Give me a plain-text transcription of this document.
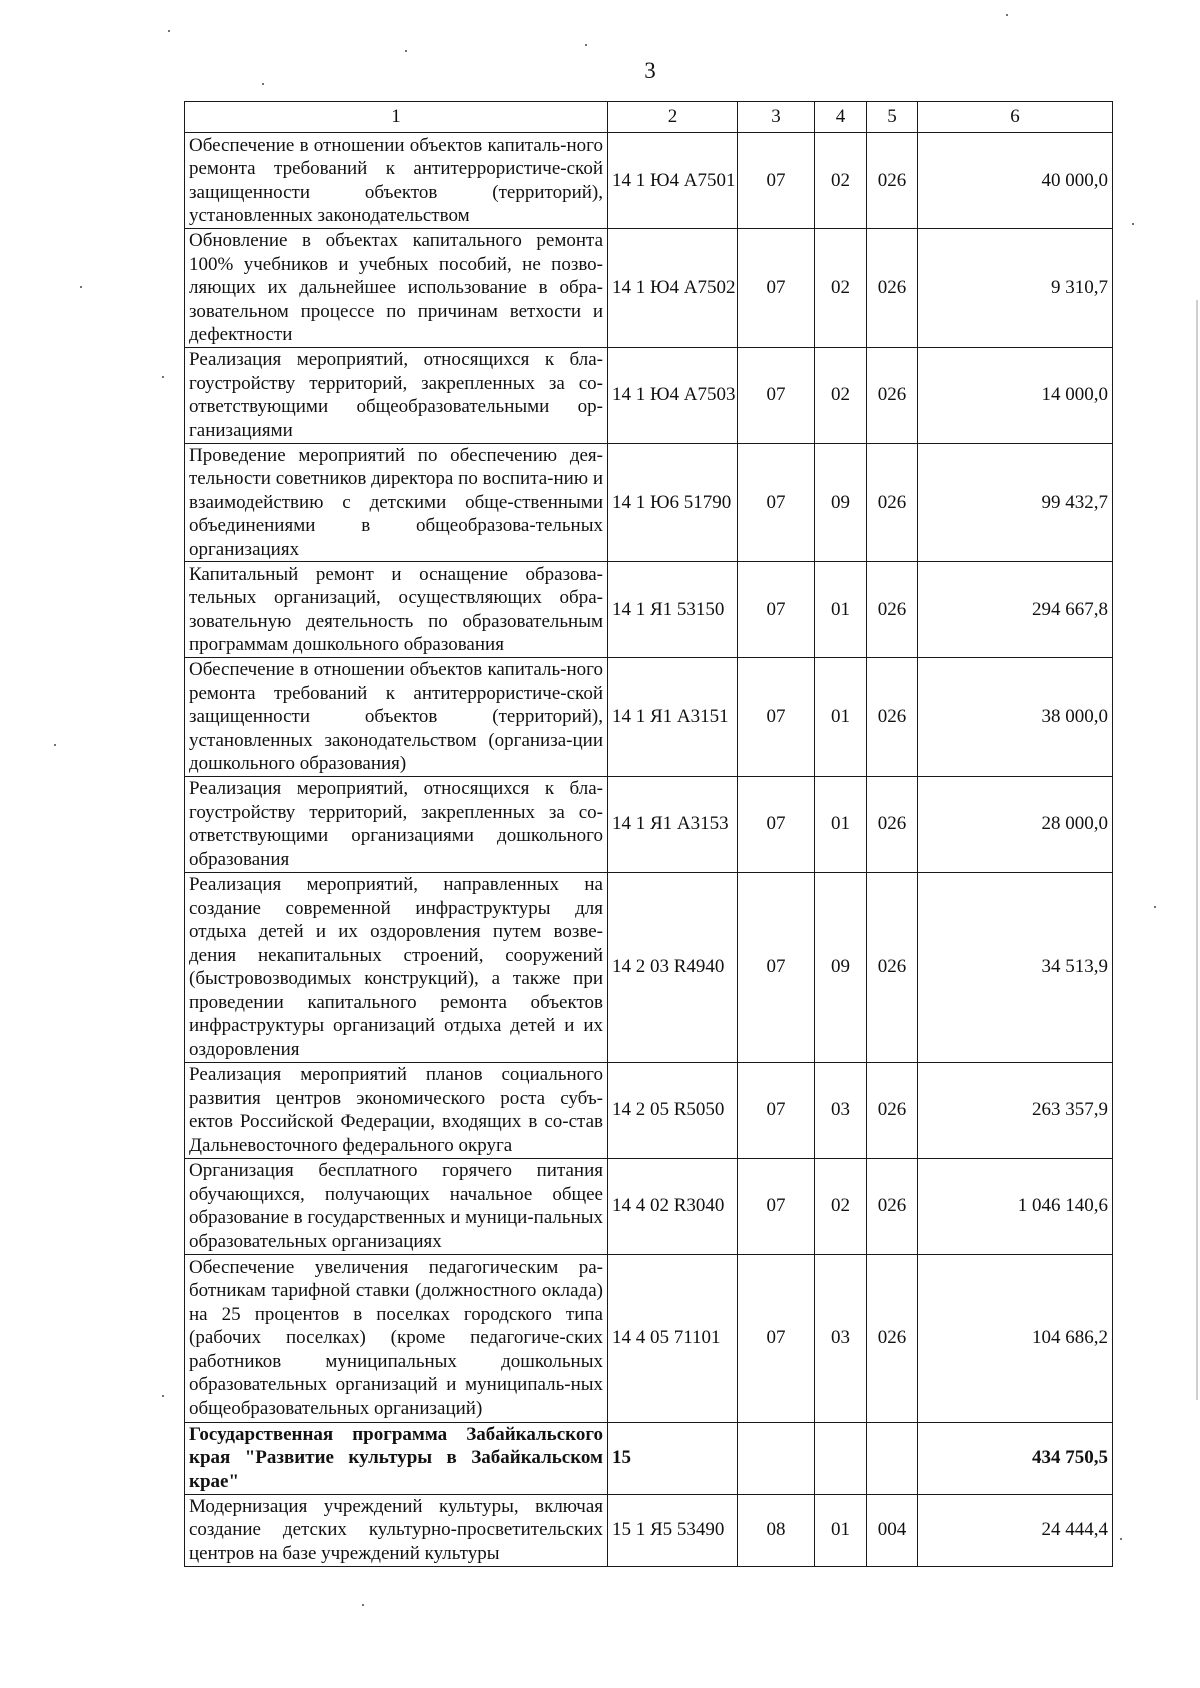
3
1	2	3	4	5	6
Обеспечение в отношении объектов капиталь-ного ремонта требований к антитеррористиче-ской защищенности объектов (территорий), установленных законодательством	14 1 Ю4 А7501	07	02	026	40 000,0
Обновление в объектах капитального ремонта 100% учебников и учебных пособий, не позво-ляющих их дальнейшее использование в обра-зовательном процессе по причинам ветхости и дефектности	14 1 Ю4 А7502	07	02	026	9 310,7
Реализация мероприятий, относящихся к бла-гоустройству территорий, закрепленных за со-ответствующими общеобразовательными ор-ганизациями	14 1 Ю4 А7503	07	02	026	14 000,0
Проведение мероприятий по обеспечению дея-тельности советников директора по воспита-нию и взаимодействию с детскими обще-ственными объединениями в общеобразова-тельных организациях	14 1 Ю6 51790	07	09	026	99 432,7
Капитальный ремонт и оснащение образова-тельных организаций, осуществляющих обра-зовательную деятельность по образовательным программам дошкольного образования	14 1 Я1 53150	07	01	026	294 667,8
Обеспечение в отношении объектов капиталь-ного ремонта требований к антитеррористиче-ской защищенности объектов (территорий), установленных законодательством (организа-ции дошкольного образования)	14 1 Я1 А3151	07	01	026	38 000,0
Реализация мероприятий, относящихся к бла-гоустройству территорий, закрепленных за со-ответствующими организациями дошкольного образования	14 1 Я1 А3153	07	01	026	28 000,0
Реализация мероприятий, направленных на создание современной инфраструктуры для отдыха детей и их оздоровления путем возве-дения некапитальных строений, сооружений (быстровозводимых конструкций), а также при проведении капитального ремонта объектов инфраструктуры организаций отдыха детей и их оздоровления	14 2 03 R4940	07	09	026	34 513,9
Реализация мероприятий планов социального развития центров экономического роста субъ-ектов Российской Федерации, входящих в со-став Дальневосточного федерального округа	14 2 05 R5050	07	03	026	263 357,9
Организация бесплатного горячего питания обучающихся, получающих начальное общее образование в государственных и муници-пальных образовательных организациях	14 4 02 R3040	07	02	026	1 046 140,6
Обеспечение увеличения педагогическим ра-ботникам тарифной ставки (должностного оклада) на 25 процентов в поселках городского типа (рабочих поселках) (кроме педагогиче-ских работников муниципальных дошкольных образовательных организаций и муниципаль-ных общеобразовательных организаций)	14 4 05 71101	07	03	026	104 686,2
Государственная программа Забайкальского края "Развитие культуры в Забайкальском крае"	15				434 750,5
Модернизация учреждений культуры, включая создание детских культурно-просветительских центров на базе учреждений культуры	15 1 Я5 53490	08	01	004	24 444,4
